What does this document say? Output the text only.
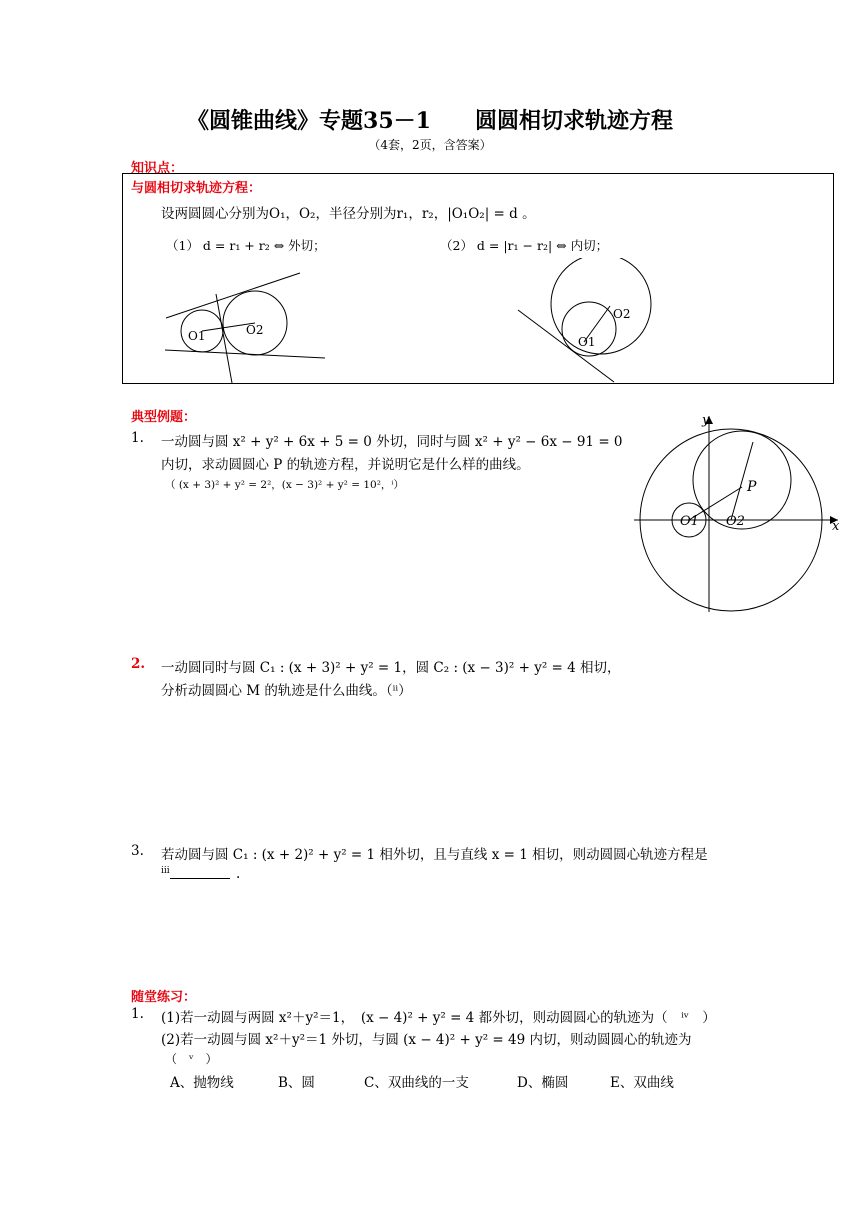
《圆锥曲线》专题35－1　　圆圆相切求轨迹方程
（4套，2页，含答案）
知识点：
与圆相切求轨迹方程：
设两圆圆心分别为O₁，O₂，半径分别为r₁，r₂，|O₁O₂| = d 。
（1） d = r₁ + r₂ ⇔ 外切；	（2） d = |r₁ − r₂| ⇔ 内切；
O1	O2
O2
O1
典型例题：
1. 一动圆与圆 x² + y² + 6x + 5 = 0 外切，同时与圆 x² + y² − 6x − 91 = 0
内切，求动圆圆心 P 的轨迹方程，并说明它是什么样的曲线。
（ (x + 3)² + y² = 2²，(x − 3)² + y² = 10²，ⁱ）
y
x
P
O1 O2
2. 一动圆同时与圆 C₁ : (x + 3)² + y² = 1，圆 C₂ : (x − 3)² + y² = 4 相切，
分析动圆圆心 M 的轨迹是什么曲线。（ⁱⁱ）
3. 若动圆与圆 C₁ : (x + 2)² + y² = 1 相外切，且与直线 x = 1 相切，则动圆圆心轨迹方程是
iii	.
随堂练习：
1. (1)若一动圆与两圆 x²＋y²＝1，　(x − 4)² + y² = 4 都外切，则动圆圆心的轨迹为（　ⁱᵛ　）
(2)若一动圆与圆 x²＋y²＝1 外切，与圆 (x − 4)² + y² = 49 内切，则动圆圆心的轨迹为
（　ᵛ　）
A、抛物线	B、圆	C、双曲线的一支	D、椭圆	E、双曲线
